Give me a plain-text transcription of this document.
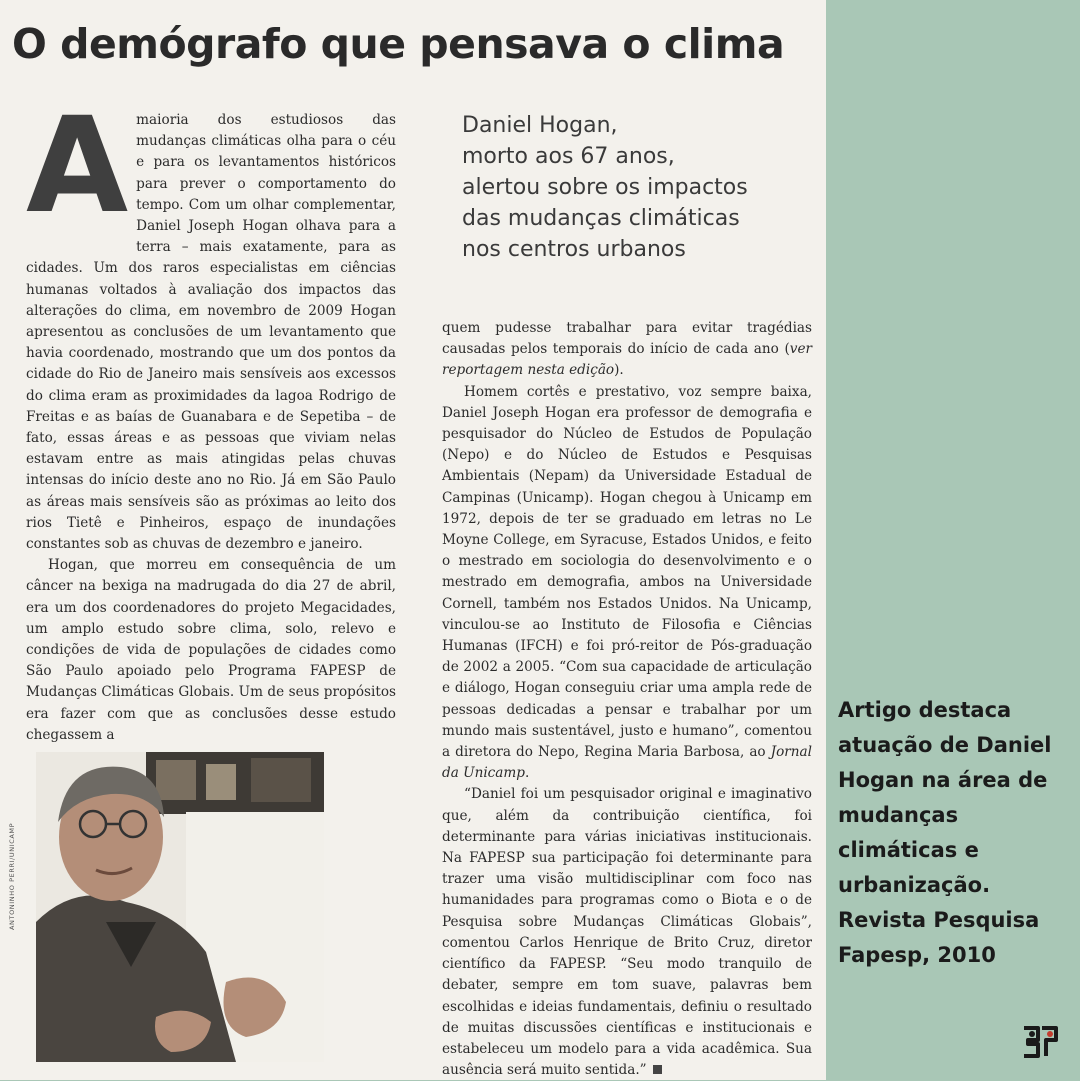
O demógrafo que pensava o clima

Amaioria dos estudiosos das mudanças climáticas olha para o céu e para os levantamentos históricos para prever o comportamento do tempo. Com um olhar complementar, Daniel Joseph Hogan olhava para a terra – mais exatamente, para as cidades. Um dos raros especialistas em ciências humanas voltados à avaliação dos impactos das alterações do clima, em novembro de 2009 Hogan apresentou as conclusões de um levantamento que havia coordenado, mostrando que um dos pontos da cidade do Rio de Janeiro mais sensíveis aos excessos do clima eram as proximidades da lagoa Rodrigo de Freitas e as baías de Guanabara e de Sepetiba – de fato, essas áreas e as pessoas que viviam nelas estavam entre as mais atingidas pelas chuvas intensas do início deste ano no Rio. Já em São Paulo as áreas mais sensíveis são as próximas ao leito dos rios Tietê e Pinheiros, espaço de inundações constantes sob as chuvas de dezembro e janeiro.

Hogan, que morreu em consequência de um câncer na bexiga na madrugada do dia 27 de abril, era um dos coordenadores do projeto Megacidades, um amplo estudo sobre clima, solo, relevo e condições de vida de populações de cidades como São Paulo apoiado pelo Programa FAPESP de Mudanças Climáticas Globais. Um de seus propósitos era fazer com que as conclusões desse estudo chegassem a

Daniel Hogan,
morto aos 67 anos,
alertou sobre os impactos
das mudanças climáticas
nos centros urbanos

quem pudesse trabalhar para evitar tragédias causadas pelos temporais do início de cada ano (ver reportagem nesta edição).

Homem cortês e prestativo, voz sempre baixa, Daniel Joseph Hogan era professor de demografia e pesquisador do Núcleo de Estudos de População (Nepo) e do Núcleo de Estudos e Pesquisas Ambientais (Nepam) da Universidade Estadual de Campinas (Unicamp). Hogan chegou à Unicamp em 1972, depois de ter se graduado em letras no Le Moyne College, em Syracuse, Estados Unidos, e feito o mestrado em sociologia do desenvolvimento e o mestrado em demografia, ambos na Universidade Cornell, também nos Estados Unidos. Na Unicamp, vinculou-se ao Instituto de Filosofia e Ciências Humanas (IFCH) e foi pró-reitor de Pós-graduação de 2002 a 2005. “Com sua capacidade de articulação e diálogo, Hogan conseguiu criar uma ampla rede de pessoas dedicadas a pensar e trabalhar por um mundo mais sustentável, justo e humano”, comentou a diretora do Nepo, Regina Maria Barbosa, ao Jornal da Unicamp.

“Daniel foi um pesquisador original e imaginativo que, além da contribuição científica, foi determinante para várias iniciativas institucionais. Na FAPESP sua participação foi determinante para trazer uma visão multidisciplinar com foco nas humanidades para programas como o Biota e o de Pesquisa sobre Mudanças Climáticas Globais”, comentou Carlos Henrique de Brito Cruz, diretor científico da FAPESP. “Seu modo tranquilo de debater, sempre em tom suave, palavras bem escolhidas e ideias fundamentais, definiu o resultado de muitas discussões científicas e institucionais e estabeleceu um modelo para a vida acadêmica. Sua ausência será muito sentida.”

ANTONINHO PERRI/UNICAMP
Artigo destaca atuação de Daniel Hogan na área de mudanças climáticas e urbanização. Revista Pesquisa Fapesp, 2010
